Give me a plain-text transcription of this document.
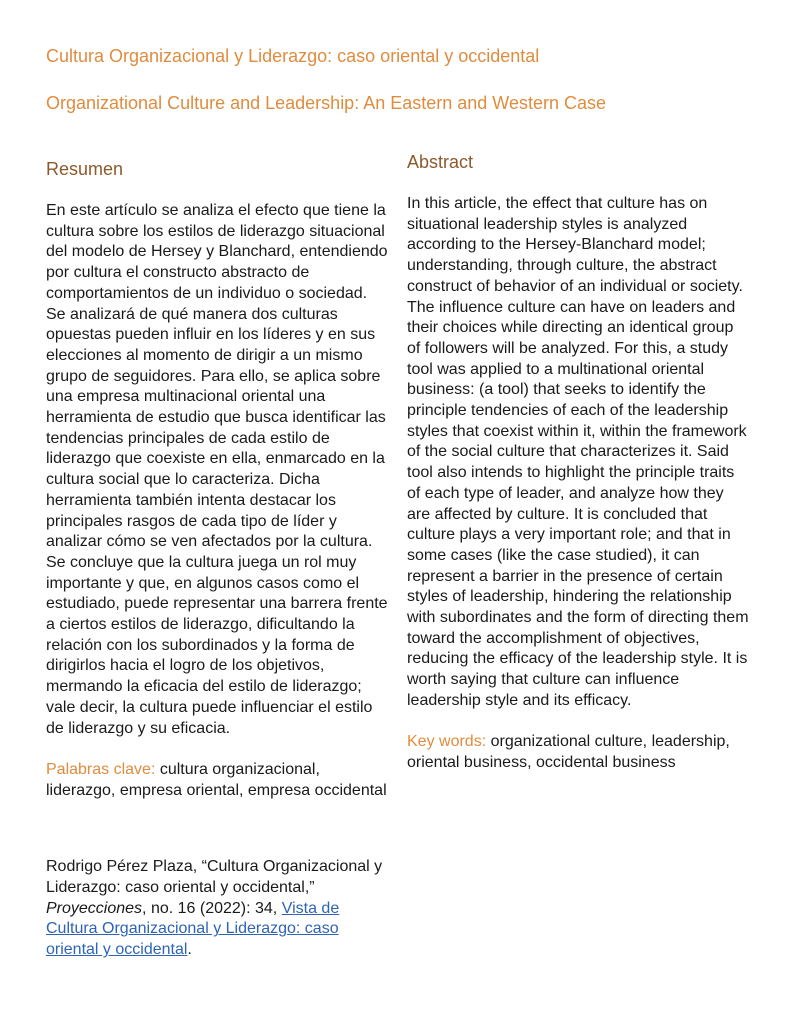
Cultura Organizacional y Liderazgo: caso oriental y occidental
Organizational Culture and Leadership: An Eastern and Western Case
Resumen

En este artículo se analiza el efecto que tiene la cultura sobre los estilos de liderazgo situacional del modelo de Hersey y Blanchard, entendiendo por cultura el constructo abstracto de comportamientos de un individuo o sociedad. Se analizará de qué manera dos culturas opuestas pueden influir en los líderes y en sus elecciones al momento de dirigir a un mismo grupo de seguidores. Para ello, se aplica sobre una empresa multinacional oriental una herramienta de estudio que busca identificar las tendencias principales de cada estilo de liderazgo que coexiste en ella, enmarcado en la cultura social que lo caracteriza. Dicha herramienta también intenta destacar los principales rasgos de cada tipo de líder y analizar cómo se ven afectados por la cultura. Se concluye que la cultura juega un rol muy importante y que, en algunos casos como el estudiado, puede representar una barrera frente a ciertos estilos de liderazgo, dificultando la relación con los subordinados y la forma de dirigirlos hacia el logro de los objetivos, mermando la eficacia del estilo de liderazgo; vale decir, la cultura puede influenciar el estilo de liderazgo y su eficacia.

Palabras clave: cultura organizacional, liderazgo, empresa oriental, empresa occidental

Abstract

In this article, the effect that culture has on situational leadership styles is analyzed according to the Hersey-Blanchard model; understanding, through culture, the abstract construct of behavior of an individual or society. The influence culture can have on leaders and their choices while directing an identical group of followers will be analyzed. For this, a study tool was applied to a multinational oriental business: (a tool) that seeks to identify the principle tendencies of each of the leadership styles that coexist within it, within the framework of the social culture that characterizes it. Said tool also intends to highlight the principle traits of each type of leader, and analyze how they are affected by culture. It is concluded that culture plays a very important role; and that in some cases (like the case studied), it can represent a barrier in the presence of certain styles of leadership, hindering the relationship with subordinates and the form of directing them toward the accomplishment of objectives, reducing the efficacy of the leadership style. It is worth saying that culture can influence leadership style and its efficacy.

Key words: organizational culture, leadership, oriental business, occidental business

Rodrigo Pérez Plaza, “Cultura Organizacional y Liderazgo: caso oriental y occidental,” Proyecciones, no. 16 (2022): 34, Vista de Cultura Organizacional y Liderazgo: caso oriental y occidental.
